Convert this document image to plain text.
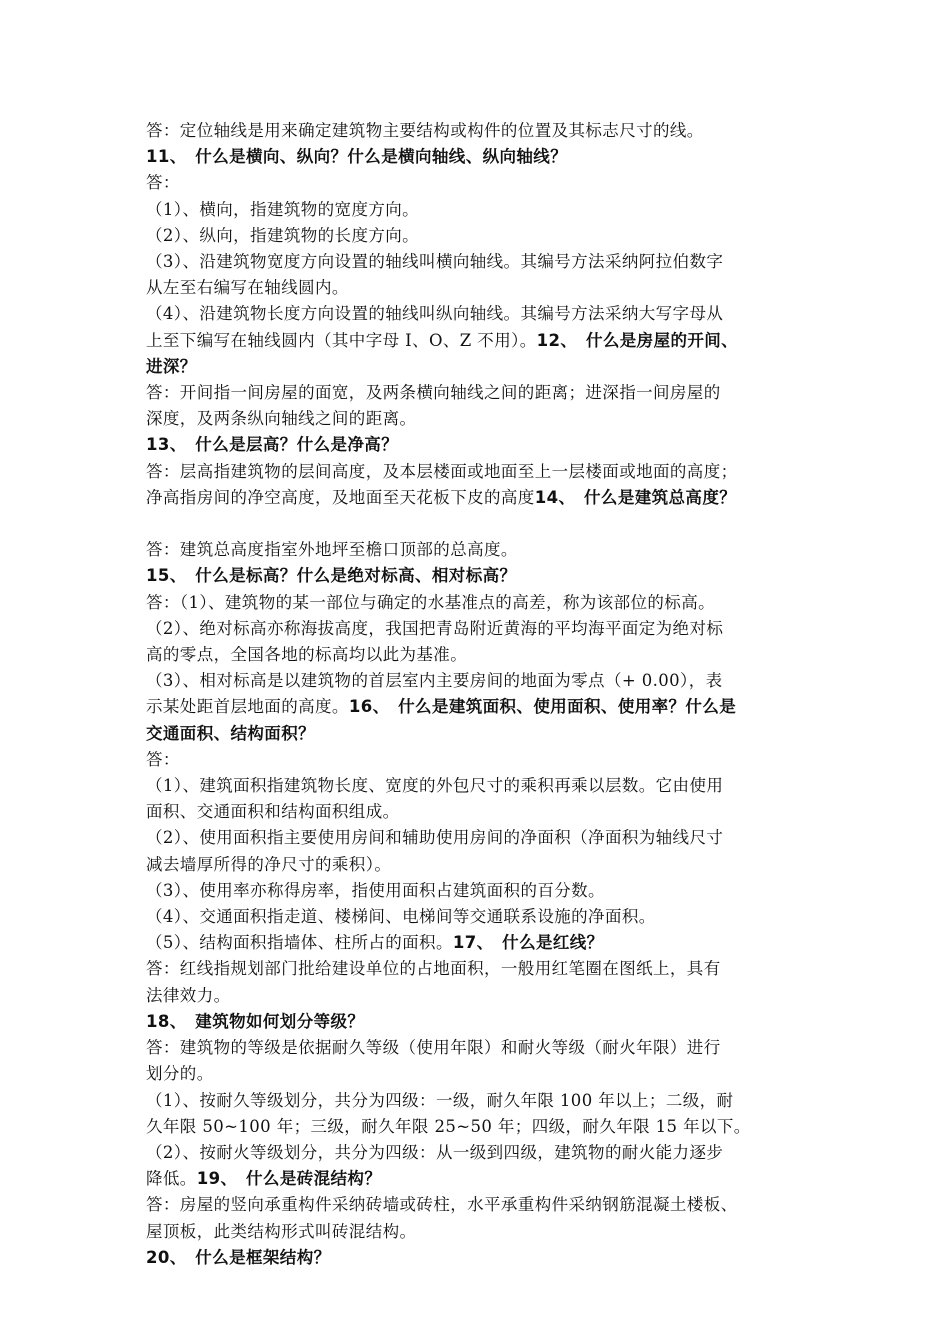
答：定位轴线是用来确定建筑物主要结构或构件的位置及其标志尺寸的线。
11、　什么是横向、纵向？什么是横向轴线、纵向轴线？
答：
（1）、横向，指建筑物的宽度方向。
（2）、纵向，指建筑物的长度方向。
（3）、沿建筑物宽度方向设置的轴线叫横向轴线。其编号方法采纳阿拉伯数字
从左至右编写在轴线圆内。
（4）、沿建筑物长度方向设置的轴线叫纵向轴线。其编号方法采纳大写字母从
上至下编写在轴线圆内（其中字母 I、O、Z 不用）。12、　什么是房屋的开间、
进深？
答：开间指一间房屋的面宽，及两条横向轴线之间的距离；进深指一间房屋的
深度，及两条纵向轴线之间的距离。
13、　什么是层高？什么是净高？
答：层高指建筑物的层间高度，及本层楼面或地面至上一层楼面或地面的高度；
净高指房间的净空高度，及地面至天花板下皮的高度14、　什么是建筑总高度？
答：建筑总高度指室外地坪至檐口顶部的总高度。
15、　什么是标高？什么是绝对标高、相对标高？
答：（1）、建筑物的某一部位与确定的水基准点的高差，称为该部位的标高。
（2）、绝对标高亦称海拔高度，我国把青岛附近黄海的平均海平面定为绝对标
高的零点，全国各地的标高均以此为基准。
（3）、相对标高是以建筑物的首层室内主要房间的地面为零点（+ 0.00），表
示某处距首层地面的高度。16、　什么是建筑面积、使用面积、使用率？什么是
交通面积、结构面积？
答：
（1）、建筑面积指建筑物长度、宽度的外包尺寸的乘积再乘以层数。它由使用
面积、交通面积和结构面积组成。
（2）、使用面积指主要使用房间和辅助使用房间的净面积（净面积为轴线尺寸
减去墙厚所得的净尺寸的乘积）。
（3）、使用率亦称得房率，指使用面积占建筑面积的百分数。
（4）、交通面积指走道、楼梯间、电梯间等交通联系设施的净面积。
（5）、结构面积指墙体、柱所占的面积。17、　什么是红线？
答：红线指规划部门批给建设单位的占地面积，一般用红笔圈在图纸上，具有
法律效力。
18、　建筑物如何划分等级？
答：建筑物的等级是依据耐久等级（使用年限）和耐火等级（耐火年限）进行
划分的。
（1）、按耐久等级划分，共分为四级：一级，耐久年限 100 年以上；二级，耐
久年限 50~100 年；三级，耐久年限 25~50 年；四级，耐久年限 15 年以下。
（2）、按耐火等级划分，共分为四级：从一级到四级，建筑物的耐火能力逐步
降低。19、　什么是砖混结构？
答：房屋的竖向承重构件采纳砖墙或砖柱，水平承重构件采纳钢筋混凝土楼板、
屋顶板，此类结构形式叫砖混结构。
20、　什么是框架结构？
